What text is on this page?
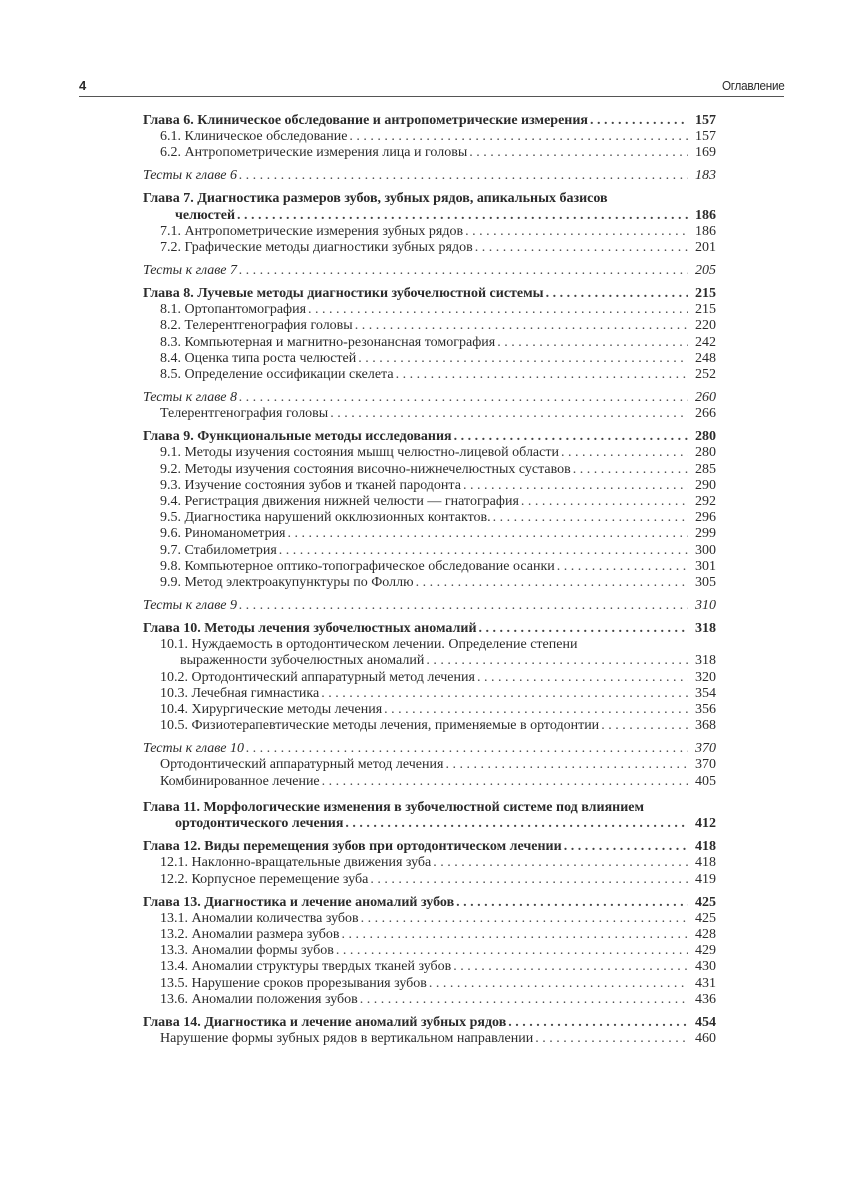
4	Оглавление
Глава 6. Клиническое обследование и антропометрические измерения . . .	157
6.1. Клиническое обследование . . .	157
6.2. Антропометрические измерения лица и головы . . .	169
Тесты к главе 6 . . .	183
Глава 7. Диагностика размеров зубов, зубных рядов, апикальных базисов
челюстей . . .	186
7.1. Антропометрические измерения зубных рядов . . .	186
7.2. Графические методы диагностики зубных рядов . . .	201
Тесты к главе 7 . . .	205
Глава 8. Лучевые методы диагностики зубочелюстной системы . . .	215
8.1. Ортопантомография . . .	215
8.2. Телерентгенография головы . . .	220
8.3. Компьютерная и магнитно-резонансная томография . . .	242
8.4. Оценка типа роста челюстей . . .	248
8.5. Определение оссификации скелета . . .	252
Тесты к главе 8 . . .	260
Телерентгенография головы . . .	266
Глава 9. Функциональные методы исследования . . .	280
9.1. Методы изучения состояния мышц челюстно-лицевой области . . .	280
9.2. Методы изучения состояния височно-нижнечелюстных суставов . . .	285
9.3. Изучение состояния зубов и тканей пародонта . . .	290
9.4. Регистрация движения нижней челюсти — гнатография . . .	292
9.5. Диагностика нарушений окклюзионных контактов. . . .	296
9.6. Риноманометрия . . .	299
9.7. Стабилометрия . . .	300
9.8. Компьютерное оптико-топографическое обследование осанки . . .	301
9.9. Метод электроакупунктуры по Фоллю . . .	305
Тесты к главе 9 . . .	310
Глава 10. Методы лечения зубочелюстных аномалий . . .	318
10.1. Нуждаемость в ортодонтическом лечении. Определение степени
выраженности зубочелюстных аномалий . . .	318
10.2. Ортодонтический аппаратурный метод лечения . . .	320
10.3. Лечебная гимнастика . . .	354
10.4. Хирургические методы лечения . . .	356
10.5. Физиотерапевтические методы лечения, применяемые в ортодонтии . . .	368
Тесты к главе 10 . . .	370
Ортодонтический аппаратурный метод лечения . . .	370
Комбинированное лечение . . .	405
Глава 11. Морфологические изменения в зубочелюстной системе под влиянием
ортодонтического лечения . . .	412
Глава 12. Виды перемещения зубов при ортодонтическом лечении . . .	418
12.1. Наклонно-вращательные движения зуба . . .	418
12.2. Корпусное перемещение зуба . . .	419
Глава 13. Диагностика и лечение аномалий зубов . . .	425
13.1. Аномалии количества зубов . . .	425
13.2. Аномалии размера зубов . . .	428
13.3. Аномалии формы зубов . . .	429
13.4. Аномалии структуры твердых тканей зубов . . .	430
13.5. Нарушение сроков прорезывания зубов . . .	431
13.6. Аномалии положения зубов . . .	436
Глава 14. Диагностика и лечение аномалий зубных рядов . . .	454
Нарушение формы зубных рядов в вертикальном направлении . . .	460
